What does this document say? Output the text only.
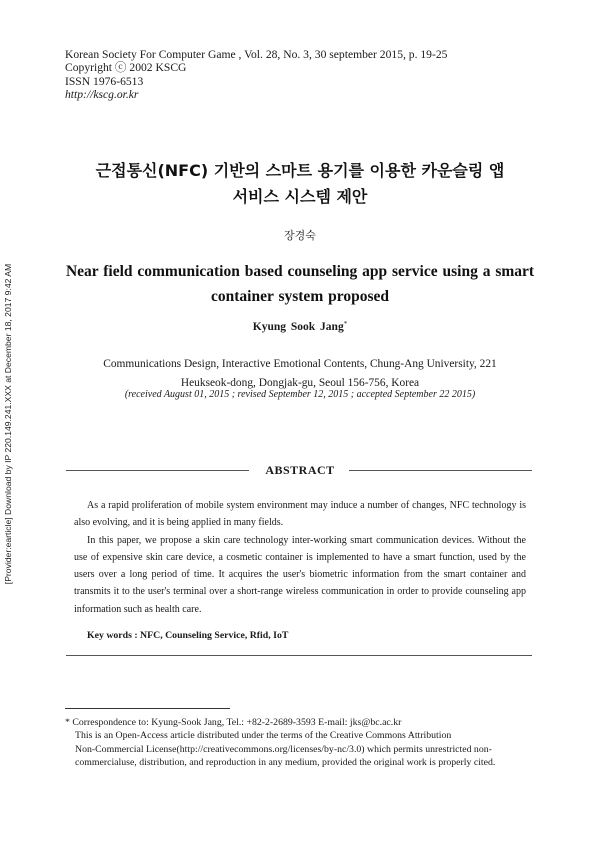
[Provider:earticle] Download by IP 220.149.241.XXX at December 18, 2017 9:42 AM
Korean Society For Computer Game , Vol. 28, No. 3, 30 september 2015, p. 19-25
Copyright ⓒ 2002 KSCG
ISSN 1976-6513
http://kscg.or.kr
근접통신(NFC) 기반의 스마트 용기를 이용한 카운슬링 앱
서비스 시스템 제안
장경숙
Near field communication based counseling app service using a smart
container system proposed
Kyung Sook Jang*
Communications Design, Interactive Emotional Contents, Chung-Ang University, 221
Heukseok-dong, Dongjak-gu, Seoul 156-756, Korea
(received August 01, 2015 ; revised September 12, 2015 ; accepted September 22 2015)
ABSTRACT

As a rapid proliferation of mobile system environment may induce a number of changes, NFC technology is also evolving, and it is being applied in many fields.

In this paper, we propose a skin care technology inter-working smart communication devices. Without the use of expensive skin care device, a cosmetic container is implemented to have a smart function, used by the users over a long period of time. It acquires the user's biometric information from the smart container and transmits it to the user's terminal over a short-range wireless communication in order to provide counseling app information such as health care.

Key words : NFC, Counseling Service, Rfid, IoT
* Correspondence to: Kyung-Sook Jang, Tel.: +82-2-2689-3593 E-mail: jks@bc.ac.kr
This is an Open-Access article distributed under the terms of the Creative Commons Attribution
Non-Commercial License(http://creativecommons.org/licenses/by-nc/3.0) which permits unrestricted non-
commercialuse, distribution, and reproduction in any medium, provided the original work is properly cited.
